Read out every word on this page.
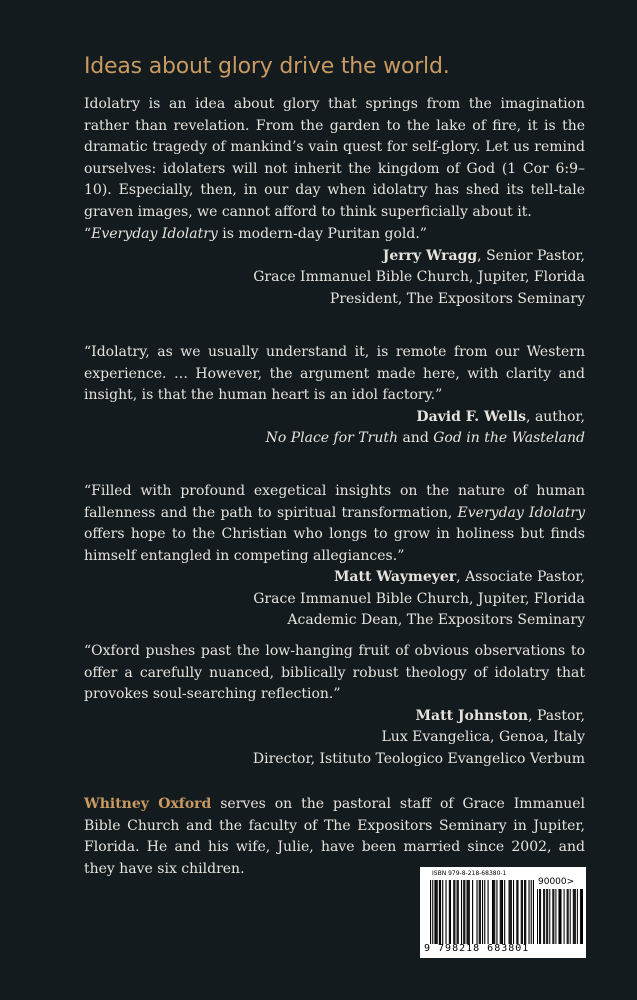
Ideas about glory drive the world.

Idolatry is an idea about glory that springs from the imagination rather than revelation. From the garden to the lake of fire, it is the dramatic tragedy of mankind’s vain quest for self-glory. Let us remind ourselves: idolaters will not inherit the kingdom of God (1 Cor 6:9–10). Especially, then, in our day when idolatry has shed its tell-tale graven images, we cannot afford to think superficially about it.

“Everyday Idolatry is modern-day Puritan gold.”

Jerry Wragg, Senior Pastor,

Grace Immanuel Bible Church, Jupiter, Florida

President, The Expositors Seminary

“Idolatry, as we usually understand it, is remote from our Western experience. … However, the argument made here, with clarity and insight, is that the human heart is an idol factory.”

David F. Wells, author,

No Place for Truth and God in the Wasteland

“Filled with profound exegetical insights on the nature of human fallenness and the path to spiritual transformation, Everyday Idolatry offers hope to the Christian who longs to grow in holiness but finds himself entangled in competing allegiances.”

Matt Waymeyer, Associate Pastor,

Grace Immanuel Bible Church, Jupiter, Florida

Academic Dean, The Expositors Seminary

“Oxford pushes past the low-hanging fruit of obvious observations to offer a carefully nuanced, biblically robust theology of idolatry that provokes soul-searching reflection.”

Matt Johnston, Pastor,

Lux Evangelica, Genoa, Italy

Director, Istituto Teologico Evangelico Verbum

Whitney Oxford serves on the pastoral staff of Grace Immanuel Bible Church and the faculty of The Expositors Seminary in Jupiter, Florida. He and his wife, Julie, have been married since 2002, and they have six children.	ISBN 979-8-218-68380-1
90000>
9 798218 683801
